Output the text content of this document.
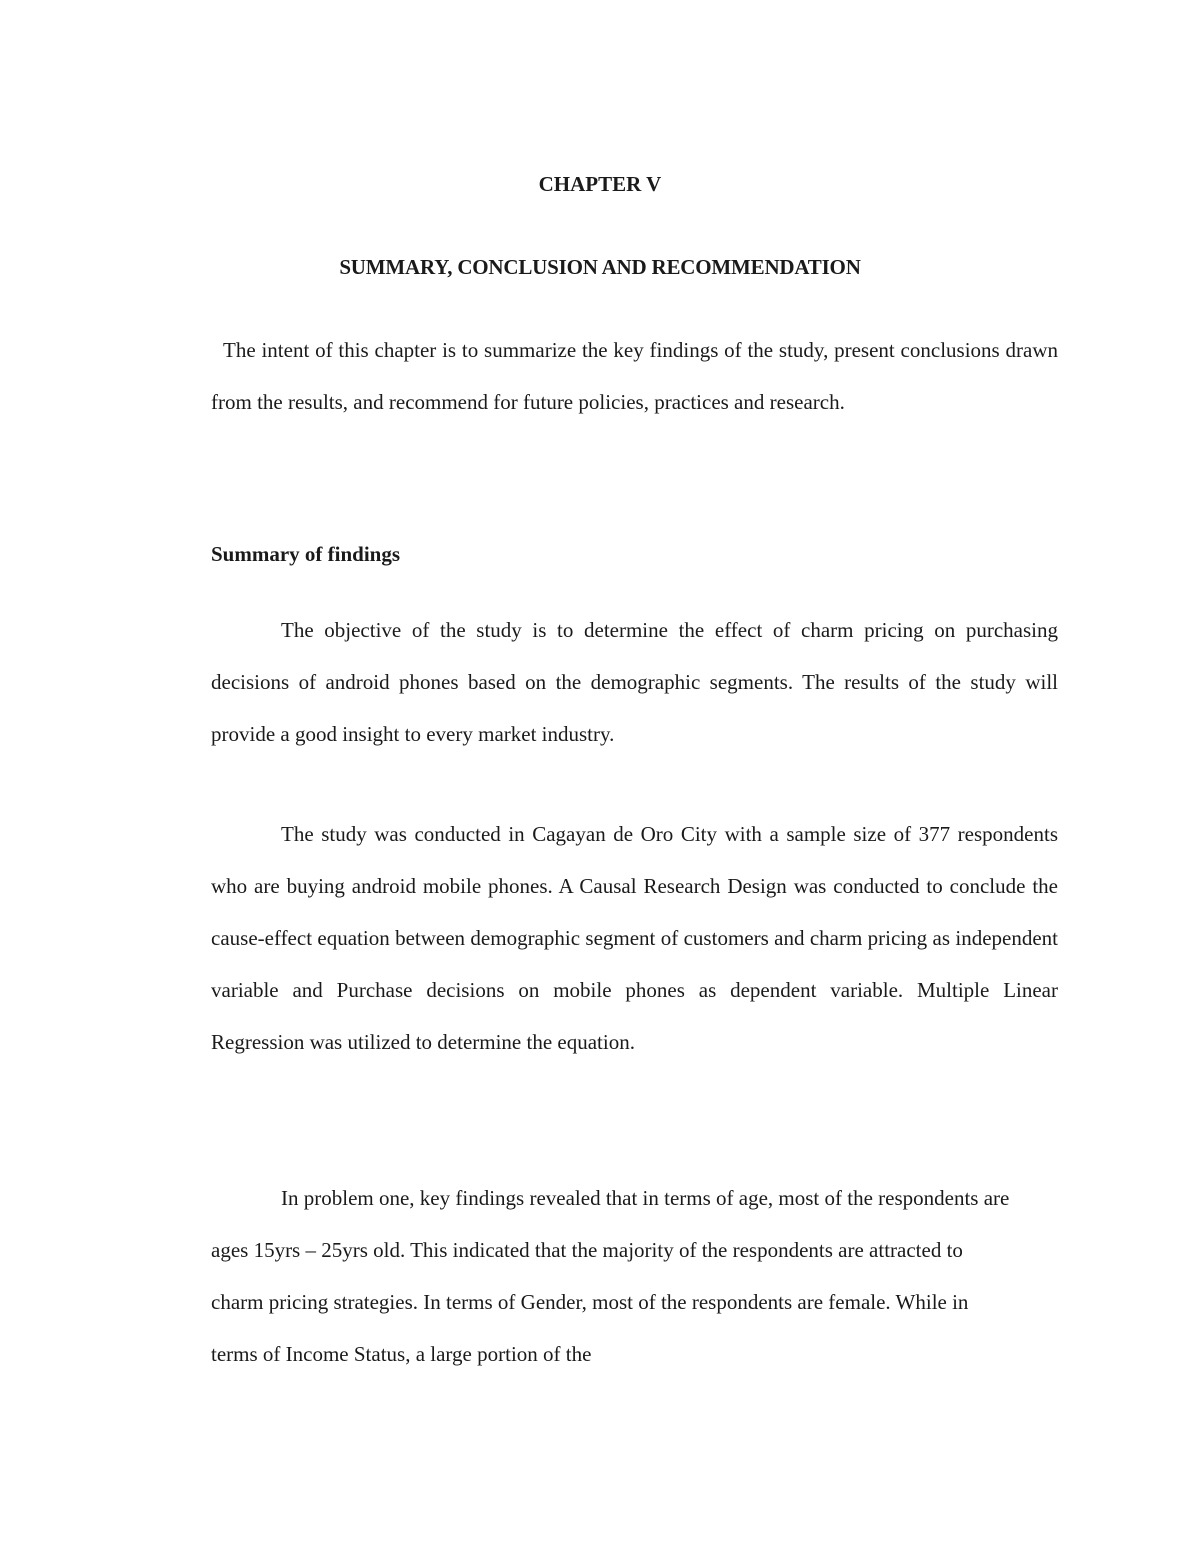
CHAPTER V
SUMMARY, CONCLUSION AND RECOMMENDATION

The intent of this chapter is to summarize the key findings of the study, present conclusions drawn from the results, and recommend for future policies, practices and research.

Summary of findings

The objective of the study is to determine the effect of charm pricing on purchasing decisions of android phones based on the demographic segments. The results of the study will provide a good insight to every market industry.

The study was conducted in Cagayan de Oro City with a sample size of 377 respondents who are buying android mobile phones. A Causal Research Design was conducted to conclude the cause-effect equation between demographic segment of customers and charm pricing as independent variable and Purchase decisions on mobile phones as dependent variable. Multiple Linear Regression was utilized to determine the equation.

In problem one, key findings revealed that in terms of age, most of the respondents are ages 15yrs – 25yrs old. This indicated that the majority of the respondents are attracted to charm pricing strategies. In terms of Gender, most of the respondents are female. While in terms of Income Status, a large portion of the
